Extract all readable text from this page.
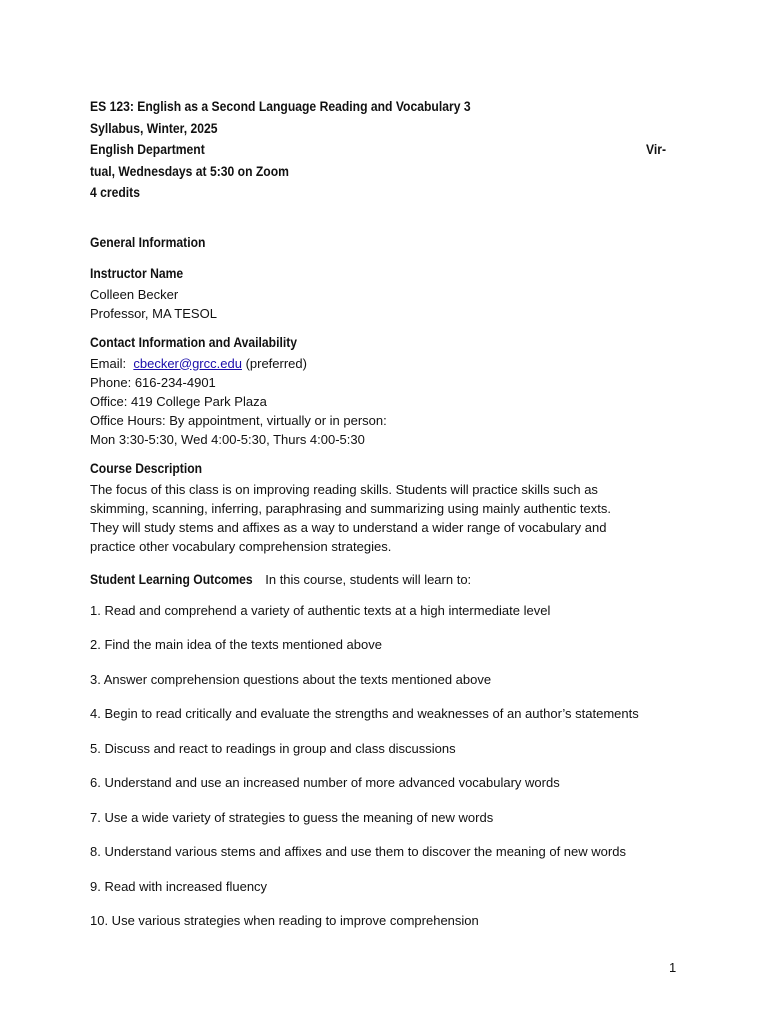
ES 123: English as a Second Language Reading and Vocabulary 3
Syllabus, Winter, 2025
English Department	Vir-
tual, Wednesdays at 5:30 on Zoom
4 credits
General Information
Instructor Name
Colleen Becker
Professor, MA TESOL
Contact Information and Availability
Email: cbecker@grcc.edu (preferred)
Phone: 616-234-4901
Office: 419 College Park Plaza
Office Hours: By appointment, virtually or in person:
Mon 3:30-5:30, Wed 4:00-5:30, Thurs 4:00-5:30
Course Description
The focus of this class is on improving reading skills. Students will practice skills such as
skimming, scanning, inferring, paraphrasing and summarizing using mainly authentic texts.
They will study stems and affixes as a way to understand a wider range of vocabulary and
practice other vocabulary comprehension strategies.
Student Learning Outcomes In this course, students will learn to:

1. Read and comprehend a variety of authentic texts at a high intermediate level

2. Find the main idea of the texts mentioned above

3. Answer comprehension questions about the texts mentioned above

4. Begin to read critically and evaluate the strengths and weaknesses of an author’s statements

5. Discuss and react to readings in group and class discussions

6. Understand and use an increased number of more advanced vocabulary words

7. Use a wide variety of strategies to guess the meaning of new words

8. Understand various stems and affixes and use them to discover the meaning of new words

9. Read with increased fluency

10. Use various strategies when reading to improve comprehension

1
